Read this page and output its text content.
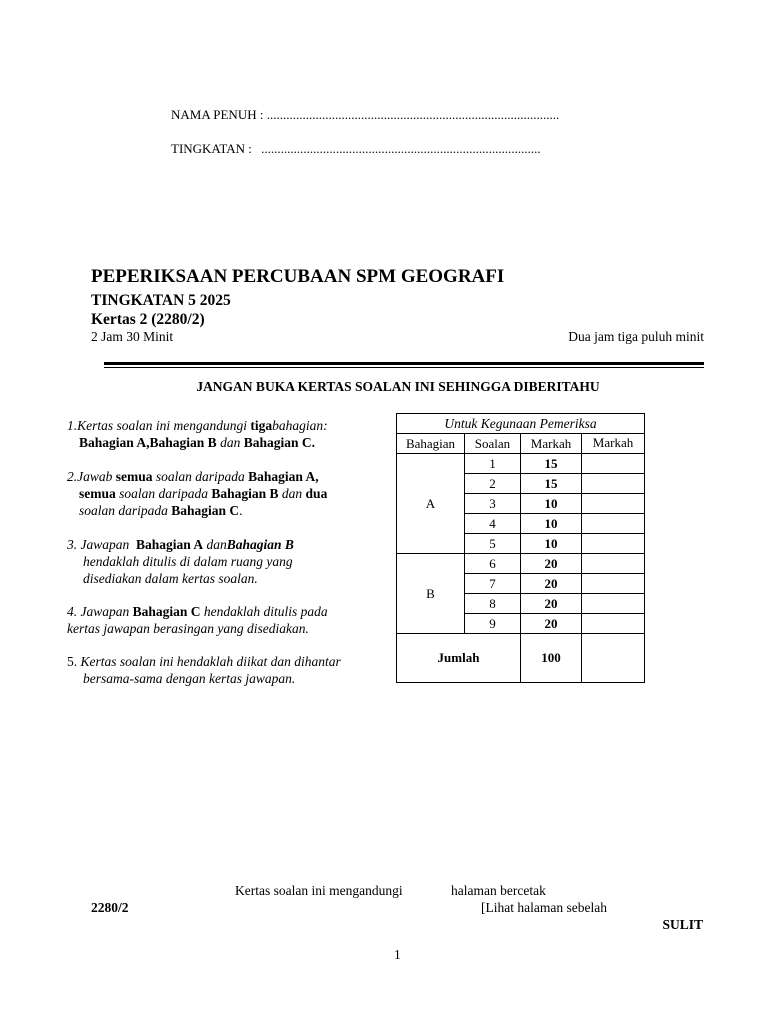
NAMA PENUH : ..........................................................................................
TINGKATAN : ......................................................................................
PEPERIKSAAN PERCUBAAN SPM GEOGRAFI
TINGKATAN 5 2025
Kertas 2 (2280/2)
2 Jam 30 Minit	Dua jam tiga puluh minit
JANGAN BUKA KERTAS SOALAN INI SEHINGGA DIBERITAHU
1.Kertas soalan ini mengandungi tigabahagian:
Bahagian A,Bahagian B dan Bahagian C.
2.Jawab semua soalan daripada Bahagian A,
semua soalan daripada Bahagian B dan dua
soalan daripada Bahagian C.
3. Jawapan  Bahagian A danBahagian B
hendaklah ditulis di dalam ruang yang
disediakan dalam kertas soalan.
4. Jawapan Bahagian C hendaklah ditulis pada
kertas jawapan berasingan yang disediakan.
5. Kertas soalan ini hendaklah diikat dan dihantar
bersama-sama dengan kertas jawapan.
Untuk Kegunaan Pemeriksa			
Bahagian	Soalan	Markah	Markah
A	1	15	
	2	15	
	3	10	
	4	10	
	5	10	
B	6	20	
	7	20	
	8	20	
	9	20	
Jumlah		100	
Kertas soalan ini mengandungi	halaman bercetak
2280/2	[Lihat halaman sebelah
SULIT
1
